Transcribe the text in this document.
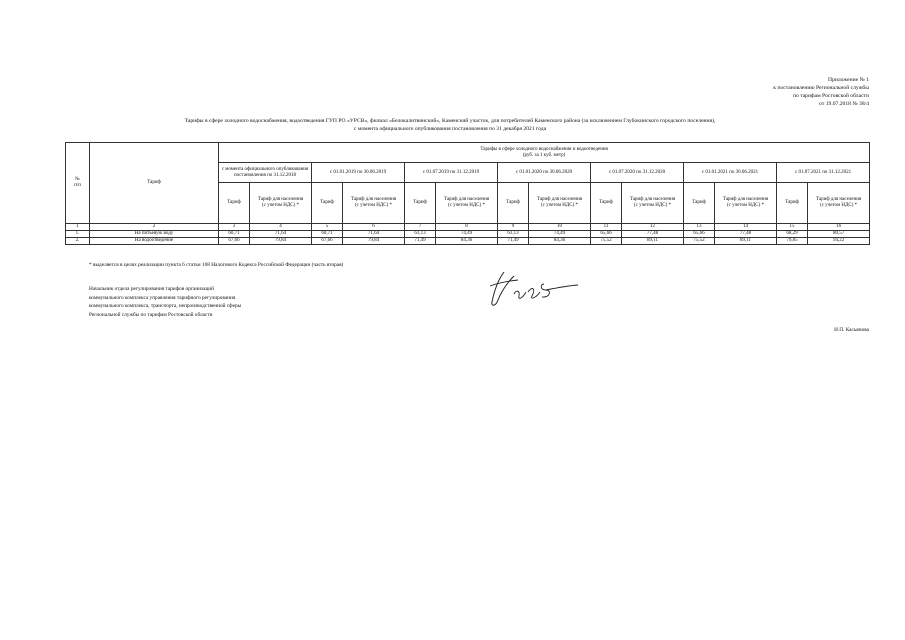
Приложение № 1
к постановлению Региональной службы
по тарифам Ростовской области
от 19.07.2018 № 38/4
Тарифы в сфере холодного водоснабжения, водоотведения ГУП РО «УРСВ», филиал «Белокалитвинский», Каменский участок, для потребителей Каменского района (за исключением Глубокинского городского поселения),
с момента официального опубликования постановления по 31 декабря 2021 года
№
п/п	Тариф	Тарифы в сфере холодного водоснабжения и водоотведения
(руб. за 1 куб. метр)													
		с момента официального опубликования постановления по 31.12.2018		с 01.01.2019 по 30.06.2019		с 01.07.2019 по 31.12.2019		с 01.01.2020 по 30.06.2020		с 01.07.2020 по 31.12.2020		с 01.01.2021 по 30.06.2021		с 01.07.2021 по 31.12.2021	
		Тариф	Тариф для населения
(с учетом НДС) *	Тариф	Тариф для населения
(с учетом НДС) *	Тариф	Тариф для населения
(с учетом НДС) *	Тариф	Тариф для населения
(с учетом НДС) *	Тариф	Тариф для населения
(с учетом НДС) *	Тариф	Тариф для населения
(с учетом НДС) *	Тариф	Тариф для населения
(с учетом НДС) *
1	2	3	4	5	6	7	8	9	10	11	12	13	14	15	16
1.	На питьевую воду	60,71	71,64	60,71	71,64	63,13	74,49	63,13	74,49	65,66	77,48	65,66	77,48	68,29	80,57
2.	На водоотведение	67,66	79,84	67,66	79,84	71,49	84,36	71,49	84,36	75,52	89,11	75,52	89,11	79,85	94,22
* выделяется в целях реализации пункта 6 статьи 168 Налогового Кодекса Российской Федерации (часть вторая)
Начальник отдела регулирования тарифов организаций коммунального комплекса управления тарифного регулирования коммунального комплекса, транспорта, непроизводственной сферы Региональной службы по тарифам Ростовской области
И.П. Касьянова
